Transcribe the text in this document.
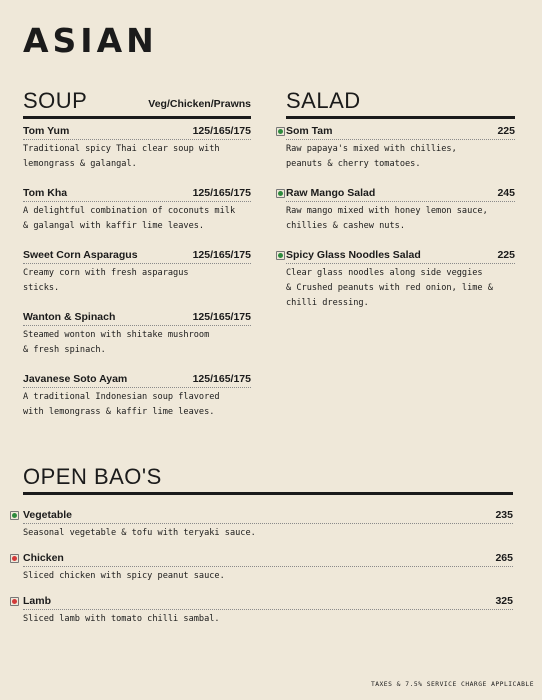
ASIAN
SOUP	Veg/Chicken/Prawns
Tom Yum	125/165/175
Traditional spicy Thai clear soup with
lemongrass & galangal.
Tom Kha	125/165/175
A delightful combination of coconuts milk
& galangal with kaffir lime leaves.
Sweet Corn Asparagus	125/165/175
Creamy corn with fresh asparagus
sticks.
Wanton & Spinach	125/165/175
Steamed wonton with shitake mushroom
& fresh spinach.
Javanese Soto Ayam	125/165/175
A traditional Indonesian soup flavored
with lemongrass & kaffir lime leaves.
SALAD
Som Tam	225
Raw papaya's mixed with chillies,
peanuts & cherry tomatoes.
Raw Mango Salad	245
Raw mango mixed with honey lemon sauce,
chillies & cashew nuts.
Spicy Glass Noodles Salad	225
Clear glass noodles along side veggies
& Crushed peanuts with red onion, lime &
chilli dressing.
OPEN BAO'S
Vegetable	235
Seasonal vegetable & tofu with teryaki sauce.
Chicken	265
Sliced chicken with spicy peanut sauce.
Lamb	325
Sliced lamb with tomato chilli sambal.
TAXES & 7.5% SERVICE CHARGE APPLICABLE
